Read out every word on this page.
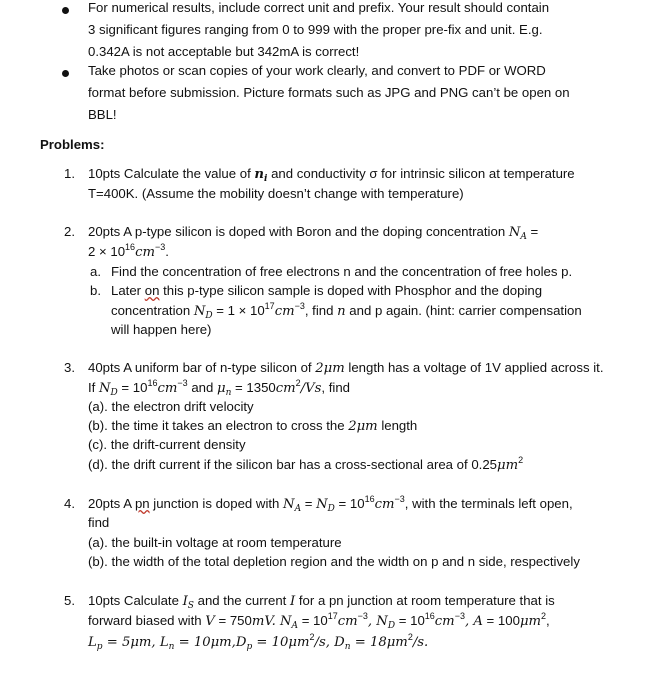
For numerical results, include correct unit and prefix. Your result should contain
3 significant figures ranging from 0 to 999 with the proper pre-fix and unit. E.g.
0.342A is not acceptable but 342mA is correct!
Take photos or scan copies of your work clearly, and convert to PDF or WORD
format before submission. Picture formats such as JPG and PNG can’t be open on
BBL!
Problems:
1. 10pts Calculate the value of $n_i$ and conductivity σ for intrinsic silicon at temperature
T=400K. (Assume the mobility doesn’t change with temperature)
2. 20pts A p-type silicon is doped with Boron and the doping concentration $N_A$ =
$2 \times 10^{16}cm^{-3}$.
a. Find the concentration of free electrons n and the concentration of free holes p.
b. Later on this p-type silicon sample is doped with Phosphor and the doping
concentration $N_D = 1 \times 10^{17}cm^{-3}$, find n and p again. (hint: carrier compensation
will happen here)
3. 40pts A uniform bar of n-type silicon of 2μm length has a voltage of 1V applied across it.
If $N_D = 10^{16}cm^{-3}$ and $\mu_n = 1350cm^2/Vs$, find
(a). the electron drift velocity
(b). the time it takes an electron to cross the 2μm length
(c). the drift-current density
(d). the drift current if the silicon bar has a cross-sectional area of $0.25\mu m^2$
4. 20pts A pn junction is doped with $N_A = N_D = 10^{16}cm^{-3}$, with the terminals left open,
find
(a). the built-in voltage at room temperature
(b). the width of the total depletion region and the width on p and n side, respectively
5. 10pts Calculate $I_S$ and the current I for a pn junction at room temperature that is
forward biased with V = 750mV. $N_A = 10^{17}cm^{-3}$, $N_D = 10^{16}cm^{-3}$, $A = 100\mu m^2$,
$L_p = 5\mu m$, $L_n = 10\mu m,D_p = 10\mu m^2/s$, $D_n = 18\mu m^2/s$.
